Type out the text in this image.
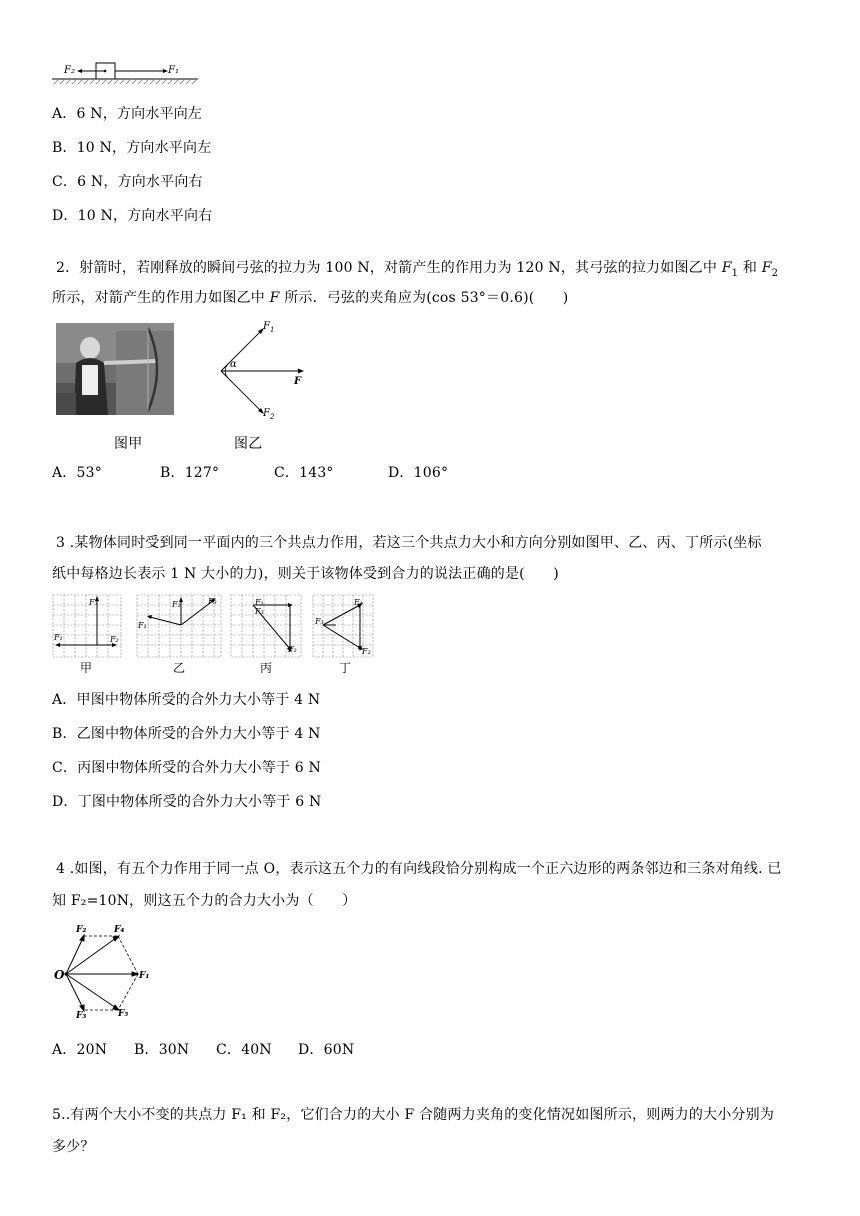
F₂	F₁
A．6 N，方向水平向左
B．10 N，方向水平向左
C．6 N，方向水平向右
D．10 N，方向水平向右
2．射箭时，若刚释放的瞬间弓弦的拉力为 100 N，对箭产生的作用力为 120 N，其弓弦的拉力如图乙中 $F_1$ 和 $F_2$
所示，对箭产生的作用力如图乙中 F 所示．弓弦的夹角应为(cos 53°＝0.6)(　　)
$F_1$
α
F
$F_2$
图甲	图乙
A．53°	B．127°	C．143°	D．106°
3 .某物体同时受到同一平面内的三个共点力作用，若这三个共点力大小和方向分别如图甲、乙、丙、丁所示(坐标
纸中每格边长表示 1 N 大小的力)，则关于该物体受到合力的说法正确的是(　　)
F₃
F₁	F₂
F₂	F₃
F₁
F₁
F₃
F₂
F₁
F₃
F₂
甲	乙	丙	丁
A．甲图中物体所受的合外力大小等于 4 N
B．乙图中物体所受的合外力大小等于 4 N
C．丙图中物体所受的合外力大小等于 6 N
D．丁图中物体所受的合外力大小等于 6 N
4 .如图，有五个力作用于同一点 O，表示这五个力的有向线段恰分别构成一个正六边形的两条邻边和三条对角线. 已
知 F₂=10N，则这五个力的合力大小为（　　）
O
F₂	F₄
F₁
F₃	F₅
A．20N B．30N C．40N D．60N
5..有两个大小不变的共点力 F₁ 和 F₂，它们合力的大小 F 合随两力夹角的变化情况如图所示，则两力的大小分别为
多少？
